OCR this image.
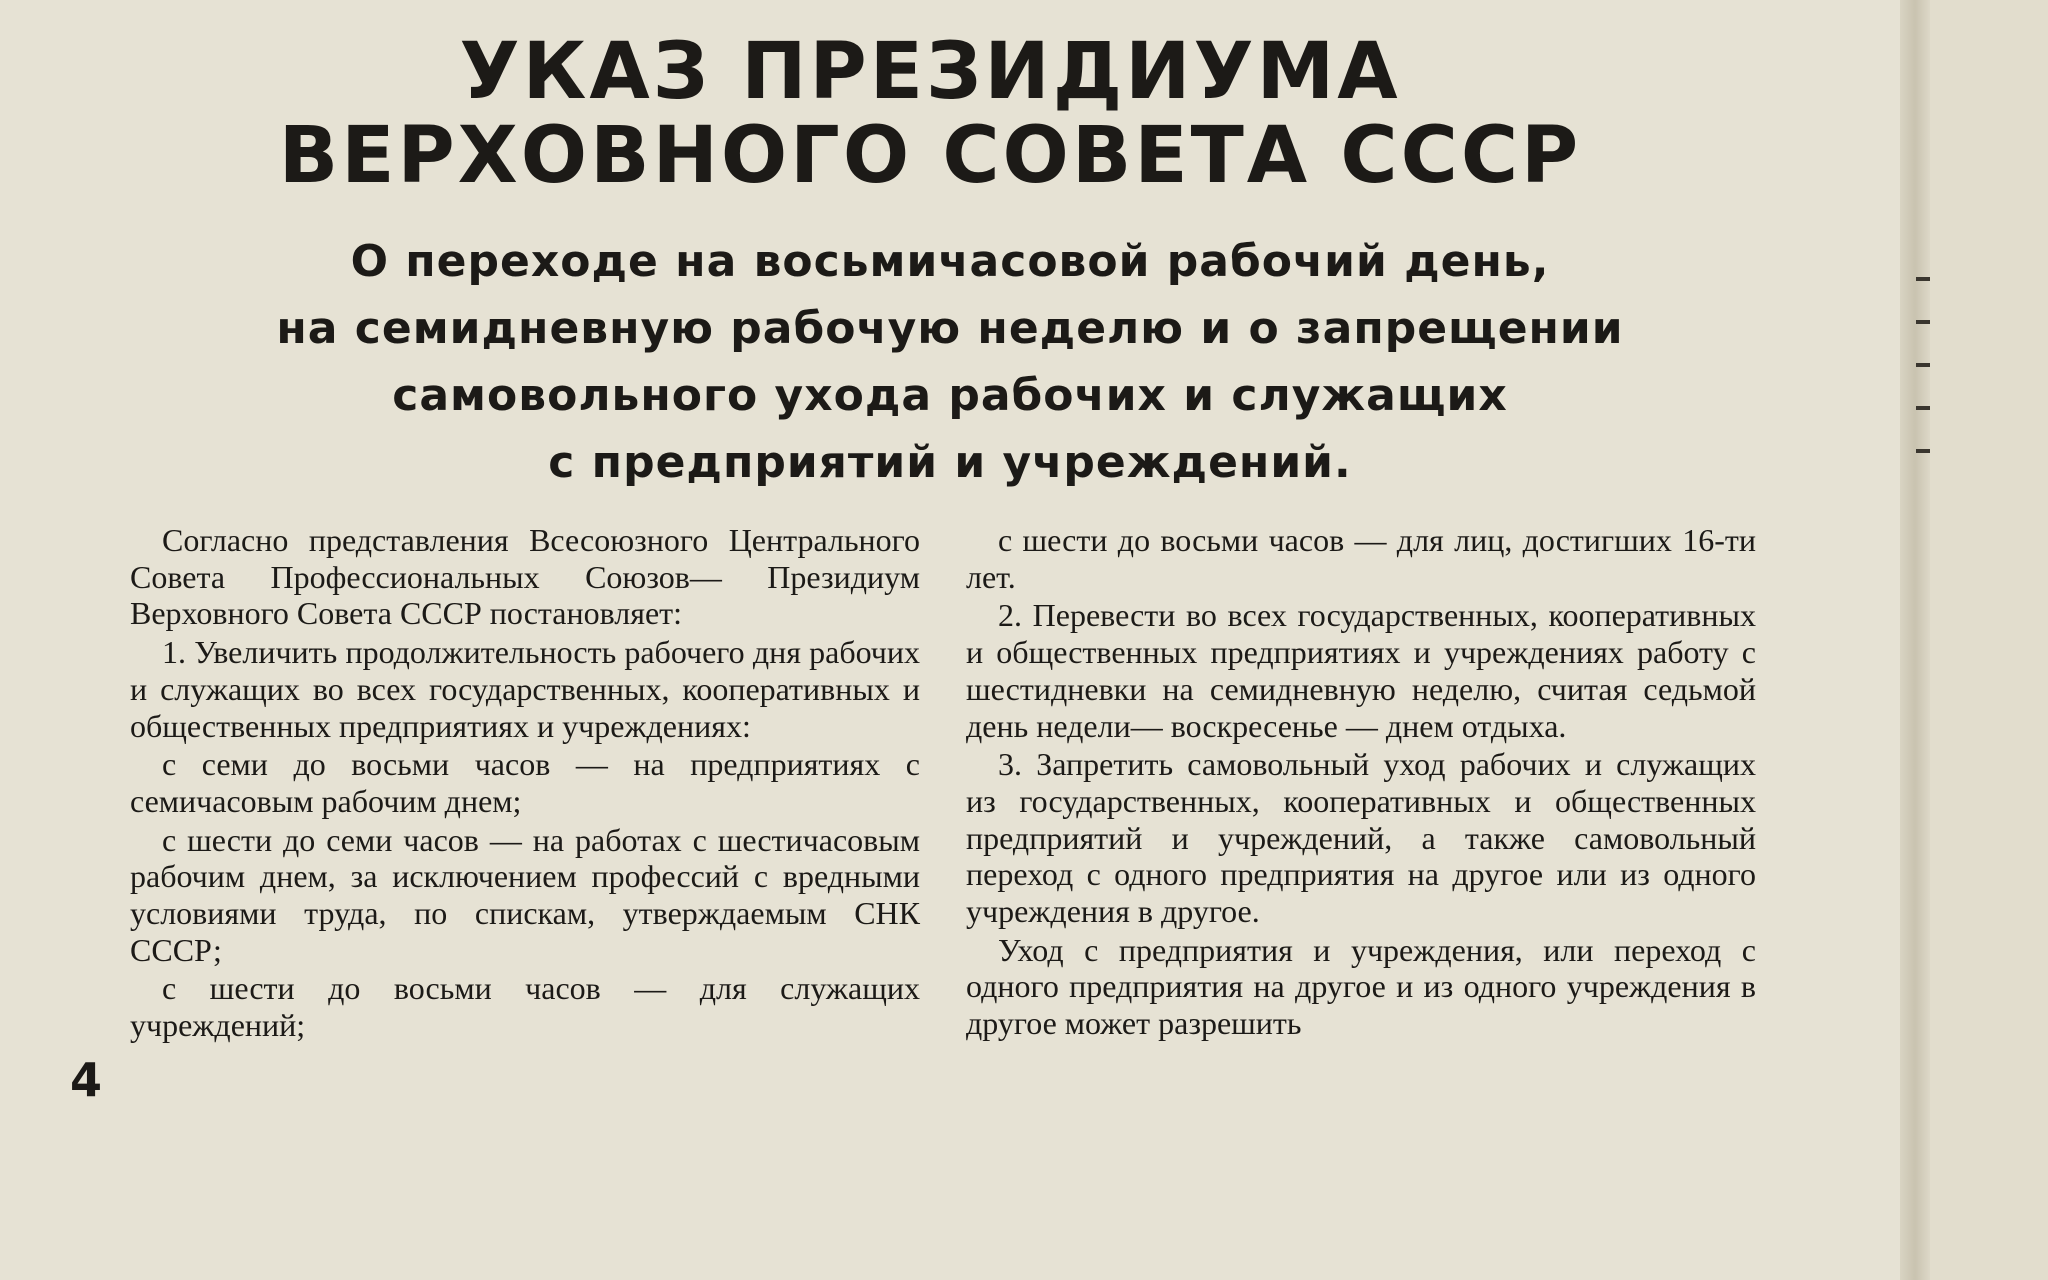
УКАЗ ПРЕЗИДИУМА
ВЕРХОВНОГО СОВЕТА СССР
О переходе на восьмичасовой рабочий день,
на семидневную рабочую неделю и о запрещении
самовольного ухода рабочих и служащих
с предприятий и учреждений.

Согласно представления Всесоюзного Центрального Совета Профессиональных Союзов— Президиум Верховного Совета СССР постановляет:

1. Увеличить продолжительность рабочего дня рабочих и служащих во всех государственных, кооперативных и общественных предприятиях и учреждениях:

с семи до восьми часов — на предприятиях с семичасовым рабочим днем;

с шести до семи часов — на работах с шестичасовым рабочим днем, за исключением профессий с вредными условиями труда, по спискам, утверждаемым СНК СССР;

с шести до восьми часов — для служащих учреждений;

с шести до восьми часов — для лиц, достигших 16-ти лет.

2. Перевести во всех государственных, кооперативных и общественных предприятиях и учреждениях работу с шестидневки на семидневную неделю, считая седьмой день недели— воскресенье — днем отдыха.

3. Запретить самовольный уход рабочих и служащих из государственных, кооперативных и общественных предприятий и учреждений, а также самовольный переход с одного предприятия на другое или из одного учреждения в другое.

Уход с предприятия и учреждения, или переход с одного предприятия на другое и из одного учреждения в другое может разрешить

4
